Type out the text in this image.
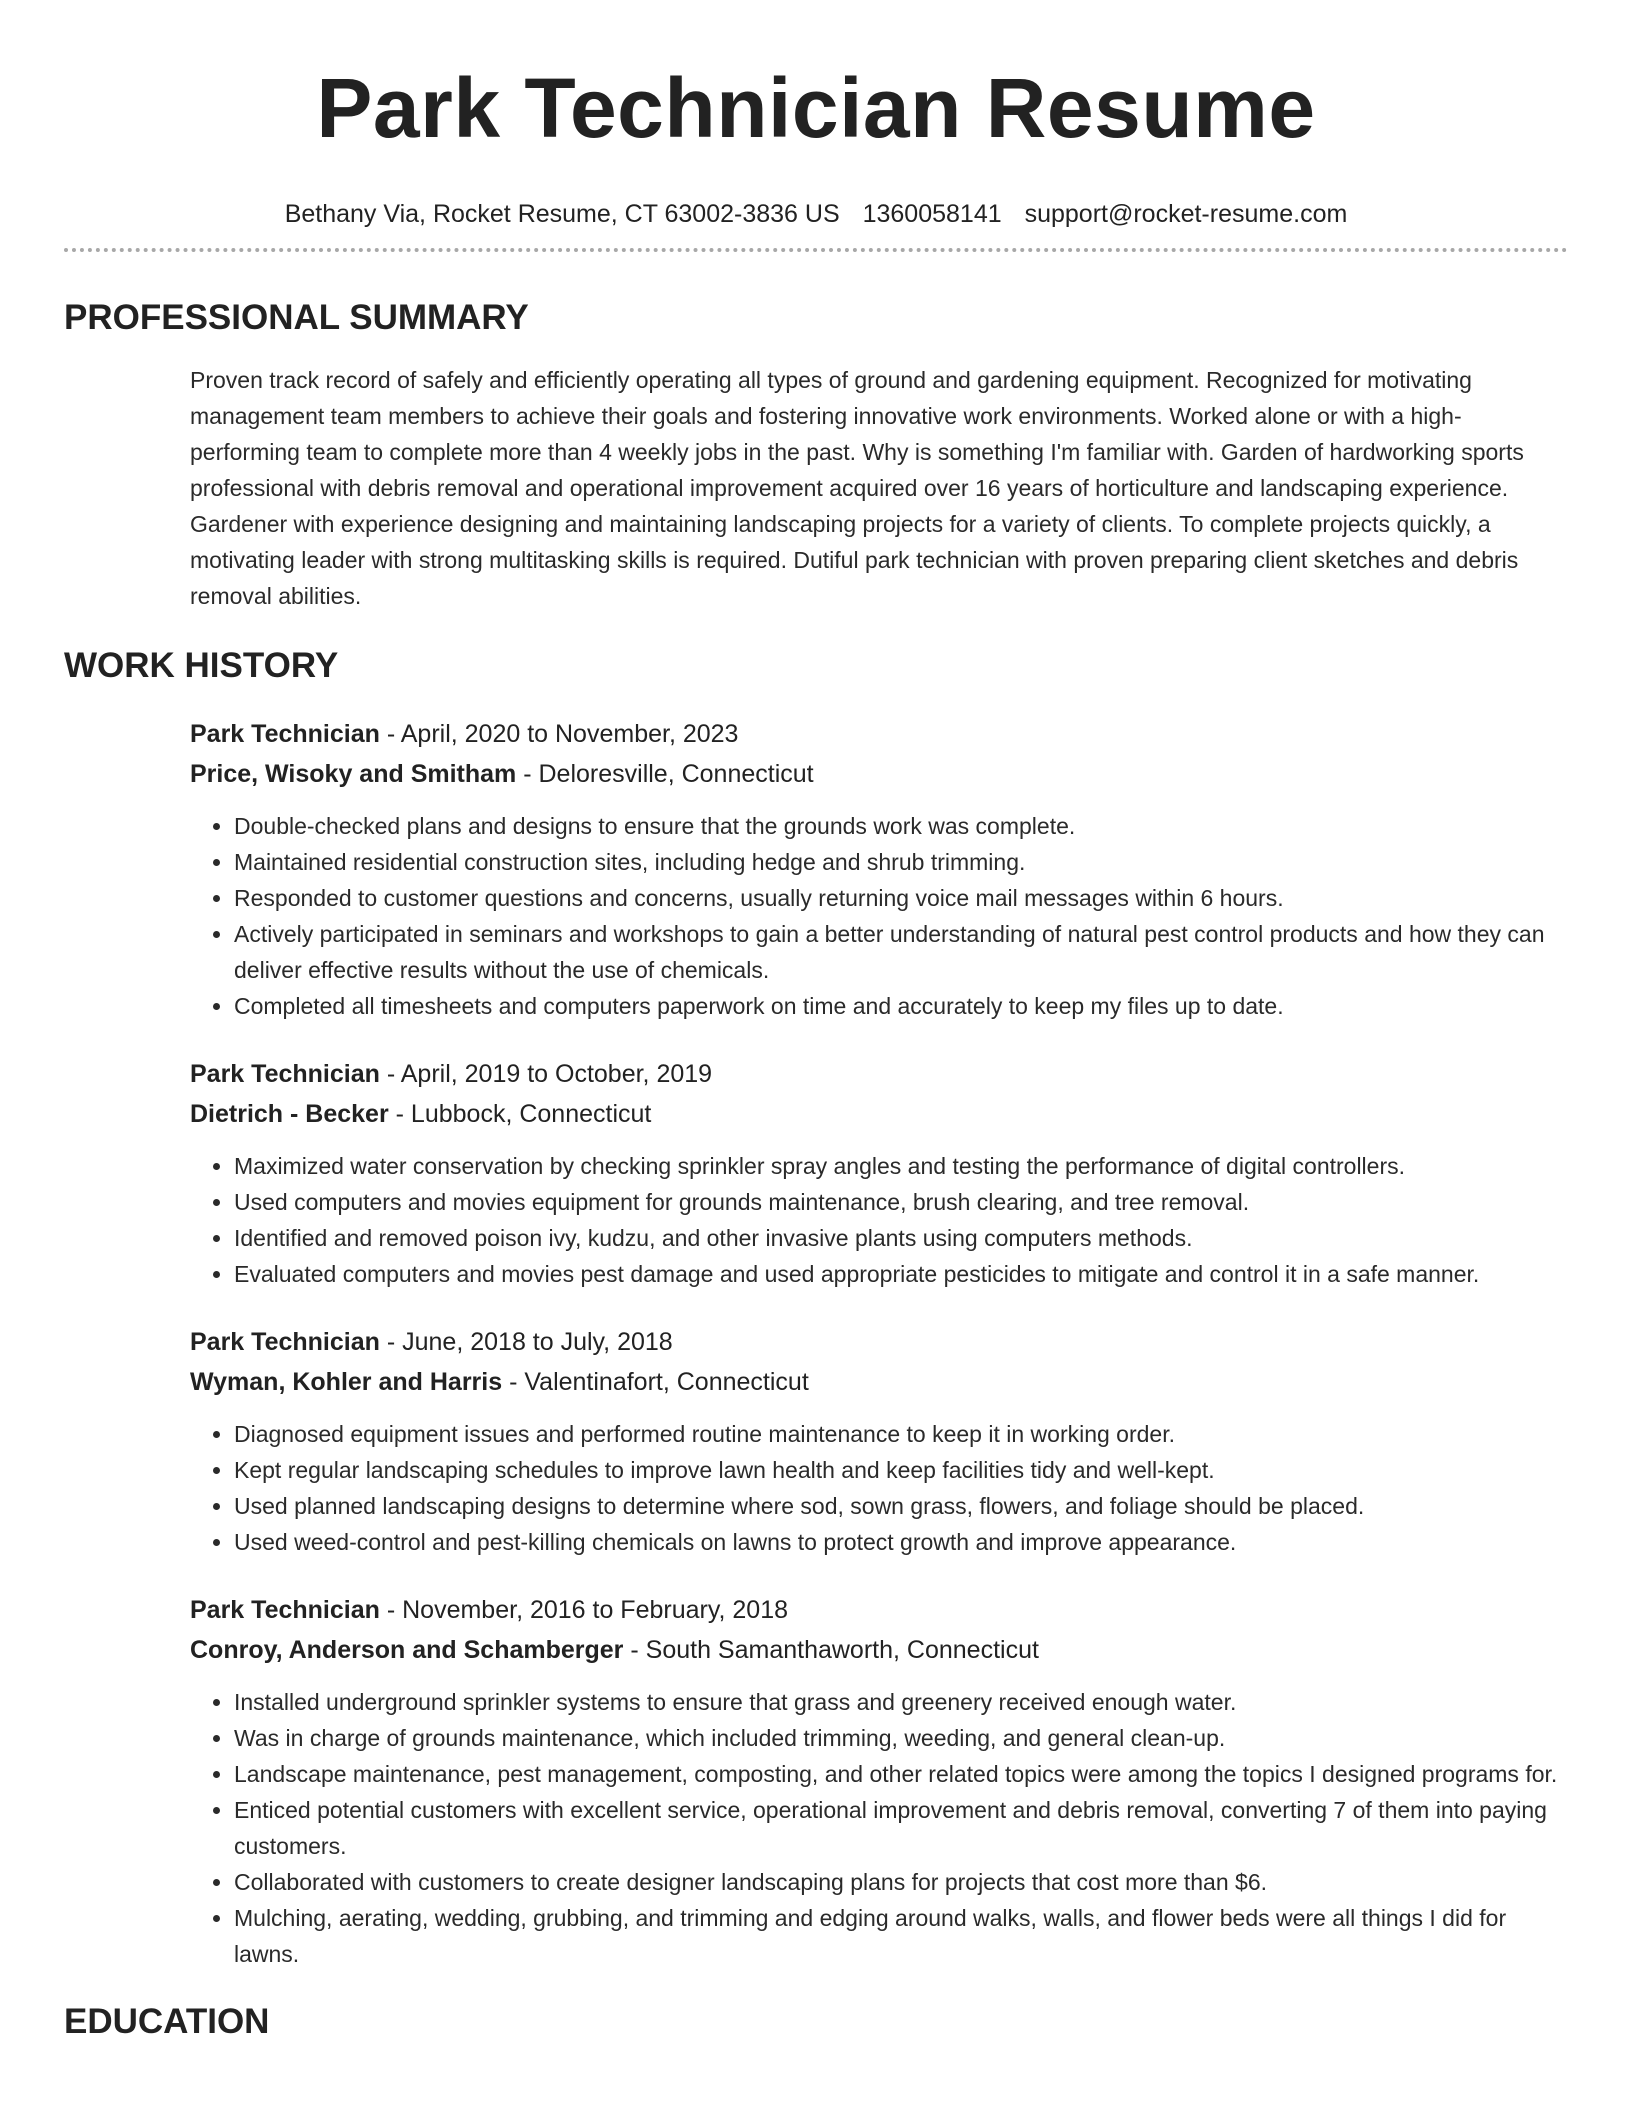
Park Technician Resume
Bethany Via, Rocket Resume, CT 63002-3836 US 1360058141 support@rocket-resume.com
PROFESSIONAL SUMMARY

Proven track record of safely and efficiently operating all types of ground and gardening equipment. Recognized for motivating management team members to achieve their goals and fostering innovative work environments. Worked alone or with a high-performing team to complete more than 4 weekly jobs in the past. Why is something I'm familiar with. Garden of hardworking sports professional with debris removal and operational improvement acquired over 16 years of horticulture and landscaping experience. Gardener with experience designing and maintaining landscaping projects for a variety of clients. To complete projects quickly, a motivating leader with strong multitasking skills is required. Dutiful park technician with proven preparing client sketches and debris removal abilities.

WORK HISTORY
Park Technician - April, 2020 to November, 2023
Price, Wisoky and Smitham - Deloresville, Connecticut
• Double-checked plans and designs to ensure that the grounds work was complete.
• Maintained residential construction sites, including hedge and shrub trimming.
• Responded to customer questions and concerns, usually returning voice mail messages within 6 hours.
• Actively participated in seminars and workshops to gain a better understanding of natural pest control products and how they can deliver effective results without the use of chemicals.
• Completed all timesheets and computers paperwork on time and accurately to keep my files up to date.
Park Technician - April, 2019 to October, 2019
Dietrich - Becker - Lubbock, Connecticut
• Maximized water conservation by checking sprinkler spray angles and testing the performance of digital controllers.
• Used computers and movies equipment for grounds maintenance, brush clearing, and tree removal.
• Identified and removed poison ivy, kudzu, and other invasive plants using computers methods.
• Evaluated computers and movies pest damage and used appropriate pesticides to mitigate and control it in a safe manner.
Park Technician - June, 2018 to July, 2018
Wyman, Kohler and Harris - Valentinafort, Connecticut
• Diagnosed equipment issues and performed routine maintenance to keep it in working order.
• Kept regular landscaping schedules to improve lawn health and keep facilities tidy and well-kept.
• Used planned landscaping designs to determine where sod, sown grass, flowers, and foliage should be placed.
• Used weed-control and pest-killing chemicals on lawns to protect growth and improve appearance.
Park Technician - November, 2016 to February, 2018
Conroy, Anderson and Schamberger - South Samanthaworth, Connecticut
• Installed underground sprinkler systems to ensure that grass and greenery received enough water.
• Was in charge of grounds maintenance, which included trimming, weeding, and general clean-up.
• Landscape maintenance, pest management, composting, and other related topics were among the topics I designed programs for.
• Enticed potential customers with excellent service, operational improvement and debris removal, converting 7 of them into paying customers.
• Collaborated with customers to create designer landscaping plans for projects that cost more than $6.
• Mulching, aerating, wedding, grubbing, and trimming and edging around walks, walls, and flower beds were all things I did for lawns.
EDUCATION
